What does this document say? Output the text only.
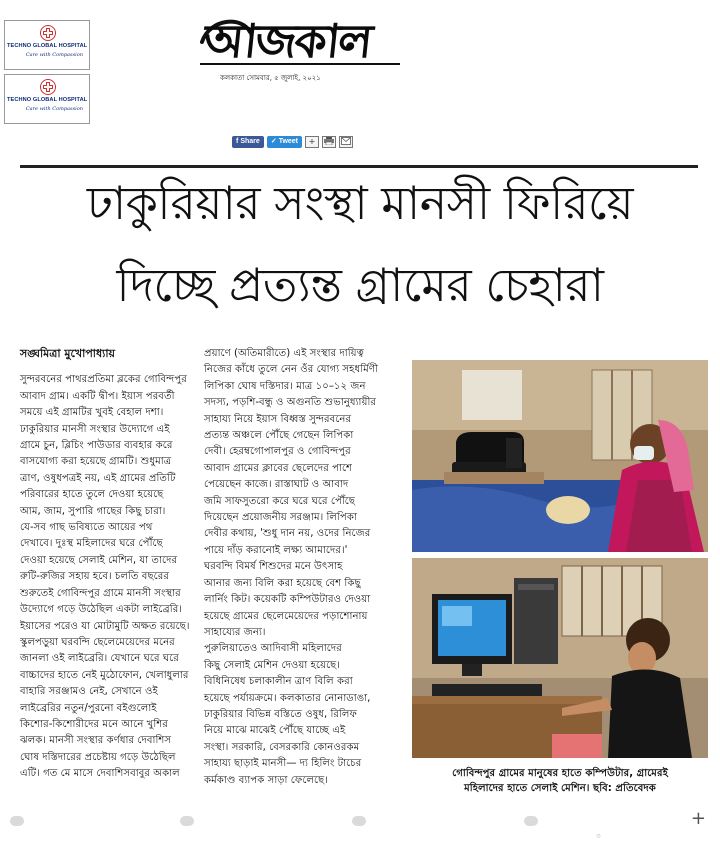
TECHNO GLOBAL HOSPITAL
Care with Compassion
TECHNO GLOBAL HOSPITAL
Care with Compassion
আজকাল
কলকাতা সোমবার, ৫ জুলাই, ২০২১
f Share ✓ Tweet	+
ঢাকুরিয়ার সংস্থা মানসী ফিরিয়ে
দিচ্ছে প্রত্যন্ত গ্রামের চেহারা
সঙ্ঘমিত্রা মুখোপাধ্যায়

সুন্দরবনের পাথরপ্রতিমা ব্লকের গোবিন্দপুর

আবাদ গ্রাম। একটি দ্বীপ। ইয়াস পরবর্তী

সময়ে এই গ্রামটির খুবই বেহাল দশা।

ঢাকুরিয়ার মানসী সংস্থার উদ্যোগে এই

গ্রামে চুন, ব্লিচিং পাউডার ব্যবহার করে

বাসযোগ্য করা হয়েছে গ্রামটি। শুধুমাত্র

ত্রাণ, ওষুধপত্রই নয়, এই গ্রামের প্রতিটি

পরিবারের হাতে তুলে দেওয়া হয়েছে

আম, জাম, সুপারি গাছের কিছু চারা।

যে-সব গাছ ভবিষ্যতে আয়ের পথ

দেখাবে। দুঃস্থ মহিলাদের ঘরে পৌঁছে

দেওয়া হয়েছে সেলাই মেশিন, যা তাদের

রুটি-রুজির সহায় হবে। চলতি বছরের

শুরুতেই গোবিন্দপুর গ্রামে মানসী সংস্থার

উদ্যোগে গড়ে উঠেছিল একটা লাইব্রেরি।

ইয়াসের পরেও যা মোটামুটি অক্ষত রয়েছে।

স্কুলপড়ুয়া ঘরবন্দি ছেলেমেয়েদের মনের

জানলা ওই লাইব্রেরি। যেখানে ঘরে ঘরে

বাচ্চাদের হাতে নেই মুঠোফোন, খেলাধুলার

বাহারি সরঞ্জামও নেই, সেখানে ওই

লাইব্রেরির নতুন/পুরনো বইগুলোই

কিশোর-কিশোরীদের মনে আনে খুশির

ঝলক। মানসী সংস্থার কর্ণধার দেবাশিস

ঘোষ দস্তিদারের প্রচেষ্টায় গড়ে উঠেছিল

এটি। গত মে মাসে দেবাশিসবাবুর অকাল

প্রয়াণে (অতিমারীতে) এই সংস্থার দায়িত্ব

নিজের কাঁধে তুলে নেন ওঁর যোগ্য সহধর্মিণী

লিপিকা ঘোষ দস্তিদার। মাত্র ১০–১২ জন

সদস্য, পড়শি-বন্ধু ও অগুনতি শুভানুধ্যায়ীর

সাহায্য নিয়ে ইয়াস বিধ্বস্ত সুন্দরবনের

প্রত্যন্ত অঞ্চলে পৌঁছে গেছেন লিপিকা

দেবী। হেরম্বগোপালপুর ও গোবিন্দপুর

আবাদ গ্রামের ক্লাবের ছেলেদের পাশে

পেয়েছেন কাজে। রাস্তাঘাট ও আবাদ

জমি সাফসুতরো করে ঘরে ঘরে পৌঁছে

দিয়েছেন প্রয়োজনীয় সরঞ্জাম। লিপিকা

দেবীর কথায়, 'শুধু দান নয়, ওদের নিজের

পায়ে দাঁড় করানোই লক্ষ্য আমাদের।'

ঘরবন্দি বিমর্ষ শিশুদের মনে উৎসাহ

আনার জন্য বিলি করা হয়েছে বেশ কিছু

লার্নিং কিট। কয়েকটি কম্পিউটারও দেওয়া

হয়েছে গ্রামের ছেলেমেয়েদের পড়াশোনায়

সাহায্যের জন্য।

পুরুলিয়াতেও আদিবাসী মহিলাদের

কিছু সেলাই মেশিন দেওয়া হয়েছে।

বিধিনিষেধ চলাকালীন ত্রাণ বিলি করা

হয়েছে পর্যায়ক্রমে। কলকাতার নোনাডাঙা,

ঢাকুরিয়ার বিভিন্ন বস্তিতে ওষুধ, রিলিফ

নিয়ে মাঝে মাঝেই পৌঁছে যাচ্ছে এই

সংস্থা। সরকারি, বেসরকারি কোনওরকম

সাহায্য ছাড়াই মানসী— দ্য হিলিং টাচের

কর্মকাণ্ড ব্যাপক সাড়া ফেলেছে।

গোবিন্দপুর গ্রামের মানুষের হাতে কম্পিউটার, গ্রামেরই

মহিলাদের হাতে সেলাই মেশিন। ছবি: প্রতিবেদক

৩
+
